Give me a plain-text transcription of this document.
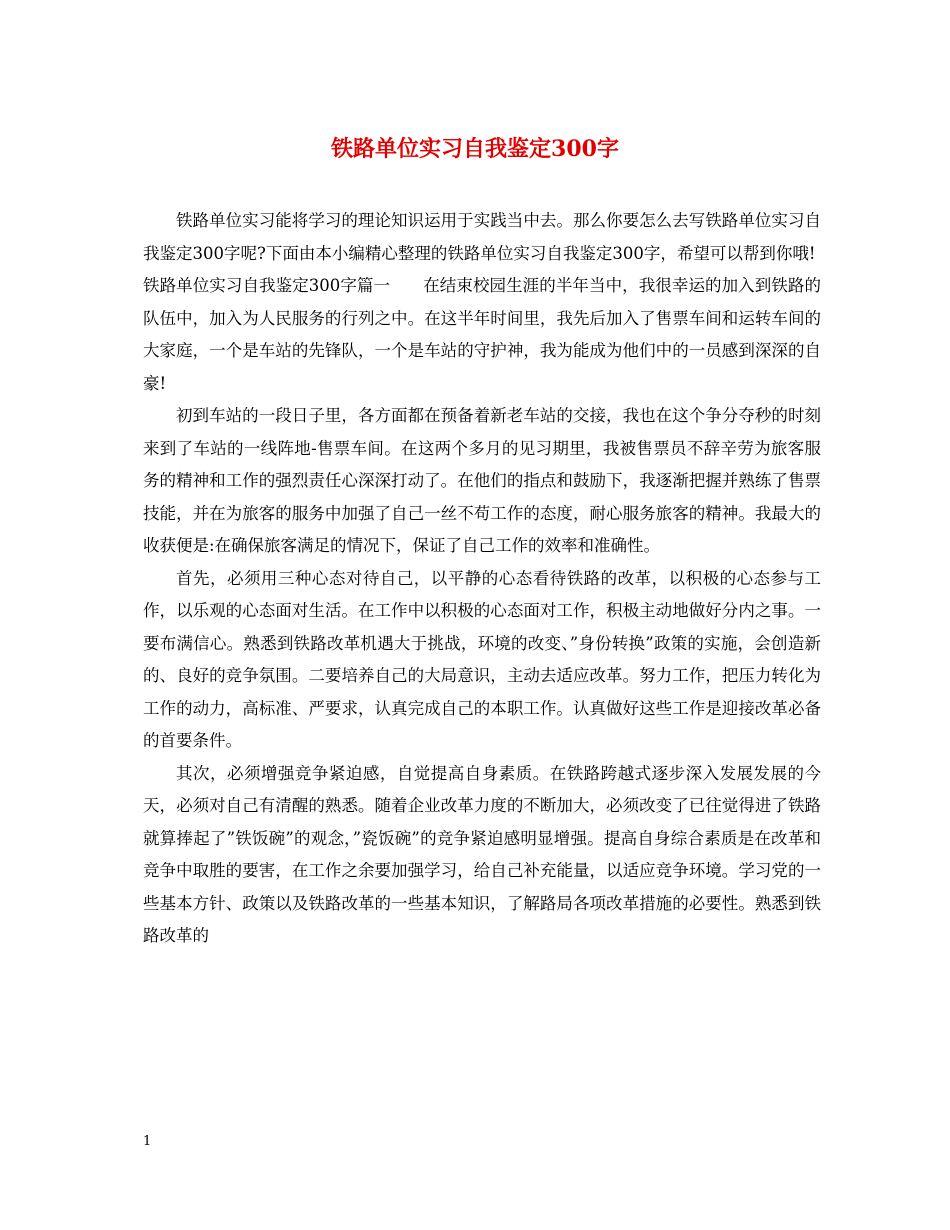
铁路单位实习自我鉴定300字

铁路单位实习能将学习的理论知识运用于实践当中去。那么你要怎么去写铁路单位实习自我鉴定300字呢?下面由本小编精心整理的铁路单位实习自我鉴定300字，希望可以帮到你哦!

铁路单位实习自我鉴定300字篇一　　在结束校园生涯的半年当中，我很幸运的加入到铁路的队伍中，加入为人民服务的行列之中。在这半年时间里，我先后加入了售票车间和运转车间的大家庭，一个是车站的先锋队，一个是车站的守护神，我为能成为他们中的一员感到深深的自豪!

初到车站的一段日子里，各方面都在预备着新老车站的交接，我也在这个争分夺秒的时刻来到了车站的一线阵地-售票车间。在这两个多月的见习期里，我被售票员不辞辛劳为旅客服务的精神和工作的强烈责任心深深打动了。在他们的指点和鼓励下，我逐渐把握并熟练了售票技能，并在为旅客的服务中加强了自己一丝不苟工作的态度，耐心服务旅客的精神。我最大的收获便是:在确保旅客满足的情况下，保证了自己工作的效率和准确性。

首先，必须用三种心态对待自己，以平静的心态看待铁路的改革，以积极的心态参与工作，以乐观的心态面对生活。在工作中以积极的心态面对工作，积极主动地做好分内之事。一要布满信心。熟悉到铁路改革机遇大于挑战，环境的改变、”身份转换”政策的实施，会创造新的、良好的竞争氛围。二要培养自己的大局意识，主动去适应改革。努力工作，把压力转化为工作的动力，高标准、严要求，认真完成自己的本职工作。认真做好这些工作是迎接改革必备的首要条件。

其次，必须增强竞争紧迫感，自觉提高自身素质。在铁路跨越式逐步深入发展发展的今天，必须对自己有清醒的熟悉。随着企业改革力度的不断加大，必须改变了已往觉得进了铁路就算捧起了”铁饭碗”的观念，”瓷饭碗”的竞争紧迫感明显增强。提高自身综合素质是在改革和竞争中取胜的要害，在工作之余要加强学习，给自己补充能量，以适应竞争环境。学习党的一些基本方针、政策以及铁路改革的一些基本知识，了解路局各项改革措施的必要性。熟悉到铁路改革的

1
